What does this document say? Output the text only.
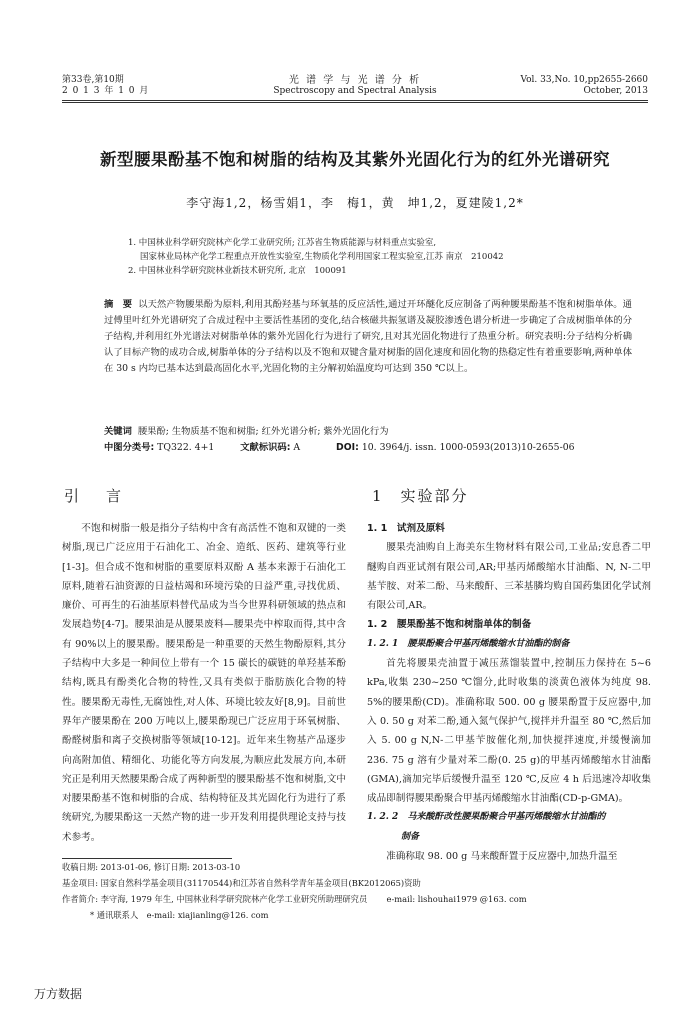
第33卷,第10期
2 0 1 3 年 1 0 月
光 谱 学 与 光 谱 分 析
Spectroscopy and Spectral Analysis
Vol. 33,No. 10,pp2655-2660
October, 2013
新型腰果酚基不饱和树脂的结构及其紫外光固化行为的红外光谱研究
李守海1,2，杨雪娟1，李　梅1，黄　坤1,2，夏建陵1,2*
1. 中国林业科学研究院林产化学工业研究所; 江苏省生物质能源与材料重点实验室,
国家林业局林产化学工程重点开放性实验室,生物质化学利用国家工程实验室,江苏 南京　210042
2. 中国林业科学研究院林业新技术研究所, 北京　100091
摘　要 以天然产物腰果酚为原料,利用其酚羟基与环氧基的反应活性,通过开环醚化反应制备了两种腰果酚基不饱和树脂单体。通过傅里叶红外光谱研究了合成过程中主要活性基团的变化,结合核磁共振氢谱及凝胶渗透色谱分析进一步确定了合成树脂单体的分子结构,并利用红外光谱法对树脂单体的紫外光固化行为进行了研究,且对其光固化物进行了热重分析。研究表明:分子结构分析确认了目标产物的成功合成,树脂单体的分子结构以及不饱和双键含量对树脂的固化速度和固化物的热稳定性有着重要影响,两种单体在 30 s 内均已基本达到最高固化水平,光固化物的主分解初始温度均可达到 350 ℃以上。
关键词 腰果酚; 生物质基不饱和树脂; 红外光谱分析; 紫外光固化行为
中图分类号: TQ322. 4+1	文献标识码: A	DOI: 10. 3964/j. issn. 1000-0593(2013)10-2655-06
引　言	1　实验部分

不饱和树脂一般是指分子结构中含有高活性不饱和双键的一类树脂,现已广泛应用于石油化工、冶金、造纸、医药、建筑等行业[1-3]。但合成不饱和树脂的重要原料双酚 A 基本来源于石油化工原料,随着石油资源的日益枯竭和环境污染的日益严重,寻找优质、廉价、可再生的石油基原料替代品成为当今世界科研领域的热点和发展趋势[4-7]。腰果油是从腰果废料—腰果壳中榨取而得,其中含有 90%以上的腰果酚。腰果酚是一种重要的天然生物酚原料,其分子结构中大多是一种间位上带有一个 15 碳长的碳链的单羟基苯酚结构,既具有酚类化合物的特性,又具有类似于脂肪族化合物的特性。腰果酚无毒性,无腐蚀性,对人体、环境比较友好[8,9]。目前世界年产腰果酚在 200 万吨以上,腰果酚现已广泛应用于环氧树脂、酚醛树脂和离子交换树脂等领域[10-12]。近年来生物基产品逐步向高附加值、精细化、功能化等方向发展,为顺应此发展方向,本研究正是利用天然腰果酚合成了两种新型的腰果酚基不饱和树脂,文中对腰果酚基不饱和树脂的合成、结构特征及其光固化行为进行了系统研究,为腰果酚这一天然产物的进一步开发利用提供理论支持与技术参考。

1. 1　试剂及原料

腰果壳油购自上海美东生物材料有限公司,工业品;安息香二甲醚购自西亚试剂有限公司,AR;甲基丙烯酸缩水甘油酯、N, N-二甲基苄胺、对苯二酚、马来酸酐、三苯基膦均购自国药集团化学试剂有限公司,AR。

1. 2　腰果酚基不饱和树脂单体的制备
1. 2. 1　腰果酚聚合甲基丙烯酸缩水甘油酯的制备

首先将腰果壳油置于减压蒸馏装置中,控制压力保持在 5~6 kPa,收集 230~250 ℃馏分,此时收集的淡黄色液体为纯度 98. 5%的腰果酚(CD)。准确称取 500. 00 g 腰果酚置于反应器中,加入 0. 50 g 对苯二酚,通入氮气保护气,搅拌并升温至 80 ℃,然后加入 5. 00 g N,N-二甲基苄胺催化剂,加快搅拌速度,并缓慢滴加 236. 75 g 溶有少量对苯二酚(0. 25 g)的甲基丙烯酸缩水甘油酯(GMA),滴加完毕后缓慢升温至 120 ℃,反应 4 h 后迅速冷却收集成品即制得腰果酚聚合甲基丙烯酸缩水甘油酯(CD-p-GMA)。

1. 2. 2　马来酸酐改性腰果酚聚合甲基丙烯酸缩水甘油酯的
制备

准确称取 98. 00 g 马来酸酐置于反应器中,加热升温至

收稿日期: 2013-01-06, 修订日期: 2013-03-10
基金项目: 国家自然科学基金项目(31170544)和江苏省自然科学青年基金项目(BK2012065)资助
作者简介: 李守海, 1979 年生, 中国林业科学研究院林产化学工业研究所助理研究员 e-mail: lishouhai1979 @163. com
* 通讯联系人　e-mail: xiajianling@126. com
万方数据
